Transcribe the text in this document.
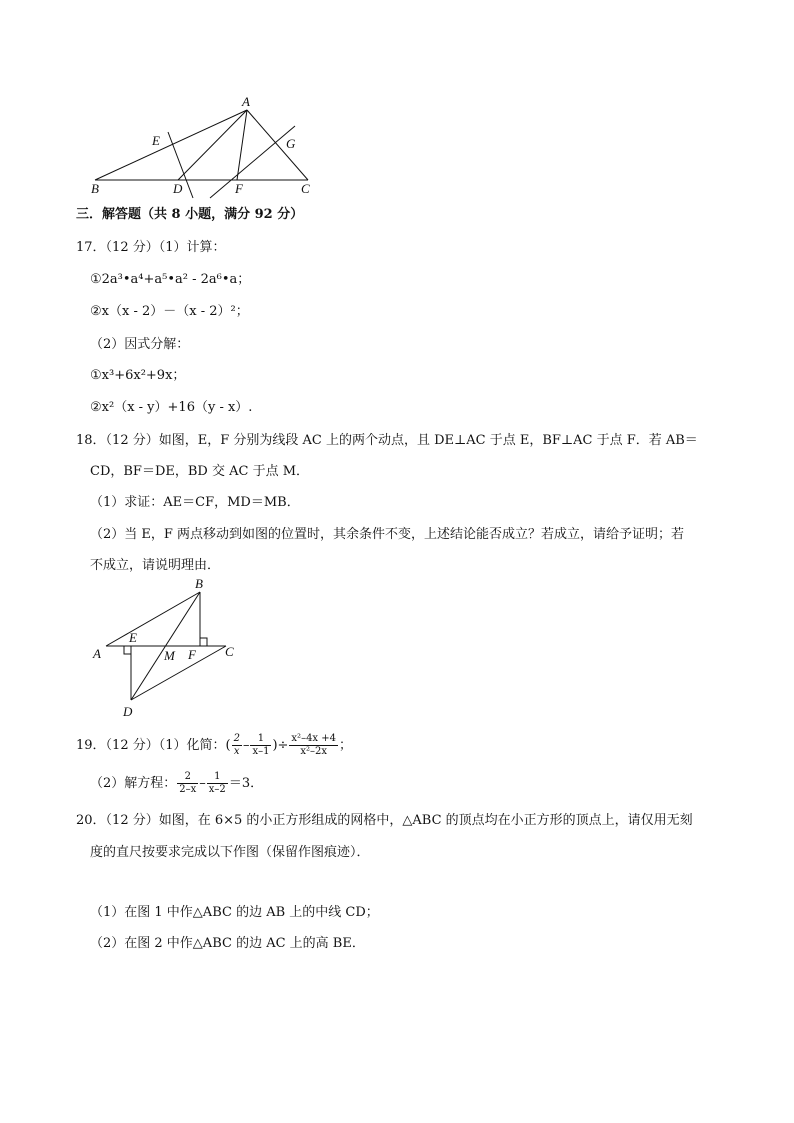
A
B	C
D
E
F
G
三．解答题（共 8 小题，满分 92 分）
17．（12 分）（1）计算：
①2a³•a⁴+a⁵•a² - 2a⁶•a；
②x（x - 2）－（x - 2）²；
（2）因式分解：
①x³+6x²+9x；
②x²（x - y）+16（y - x）.
18．（12 分）如图，E，F 分别为线段 AC 上的两个动点，且 DE⊥AC 于点 E，BF⊥AC 于点 F．若 AB＝
CD，BF＝DE，BD 交 AC 于点 M．
（1）求证：AE＝CF，MD＝MB．
（2）当 E，F 两点移动到如图的位置时，其余条件不变，上述结论能否成立？若成立，请给予证明；若
不成立，请说明理由．
A
B
C
D
E
F
M
19．（12 分）（1）化简：( $\frac{2}{x} - \frac{1}{x-1}$ )÷ $\frac{\text{x²–4x +4}}{\text{x²–2x}}$ ；
（2）解方程： $\frac{2}{2-x} - \frac{1}{x-2} =3$．
20．（12 分）如图，在 6×5 的小正方形组成的网格中，△ABC 的顶点均在小正方形的顶点上，请仅用无刻
度的直尺按要求完成以下作图（保留作图痕迹）．
（1）在图 1 中作△ABC 的边 AB 上的中线 CD；
（2）在图 2 中作△ABC 的边 AC 上的高 BE．
